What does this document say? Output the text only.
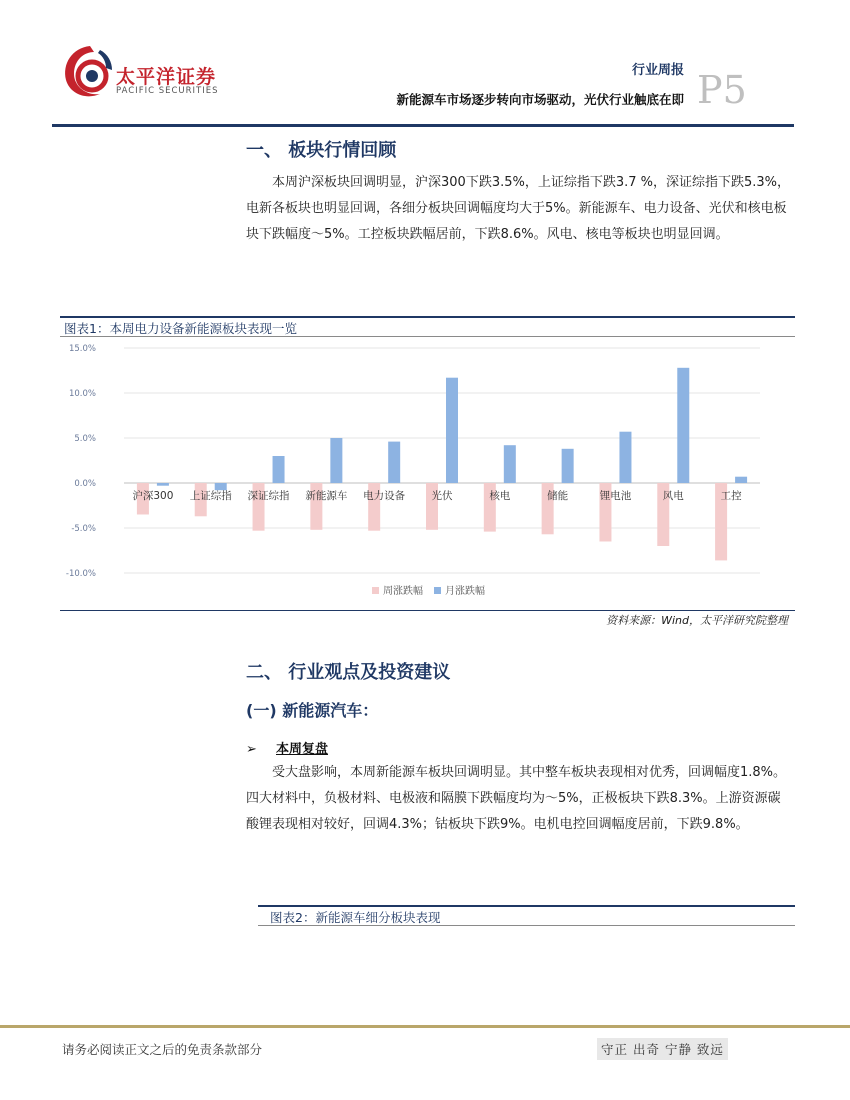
太平洋证券
PACIFIC SECURITIES
行业周报
新能源车市场逐步转向市场驱动，光伏行业触底在即 P5
一、 板块行情回顾
本周沪深板块回调明显，沪深300下跌3.5%，上证综指下跌3.7 %，深证综指下跌5.3%，电新各板块也明显回调，各细分板块回调幅度均大于5%。新能源车、电力设备、光伏和核电板块下跌幅度～5%。工控板块跌幅居前，下跌8.6%。风电、核电等板块也明显回调。
图表1：本周电力设备新能源板块表现一览
-10.0%
-5.0%
0.0%
5.0%
10.0%
15.0%
沪深300 上证综指 深证综指 新能源车 电力设备	光伏	核电	储能	锂电池	风电	工控
周涨跌幅 月涨跌幅
资料来源：Wind，太平洋研究院整理
二、 行业观点及投资建议
(一) 新能源汽车：
➢ 本周复盘
受大盘影响，本周新能源车板块回调明显。其中整车板块表现相对优秀，回调幅度1.8%。四大材料中，负极材料、电极液和隔膜下跌幅度均为～5%，正极板块下跌8.3%。上游资源碳酸锂表现相对较好，回调4.3%；钴板块下跌9%。电机电控回调幅度居前，下跌9.8%。
图表2：新能源车细分板块表现
请务必阅读正文之后的免责条款部分	守正 出奇 宁静 致远
